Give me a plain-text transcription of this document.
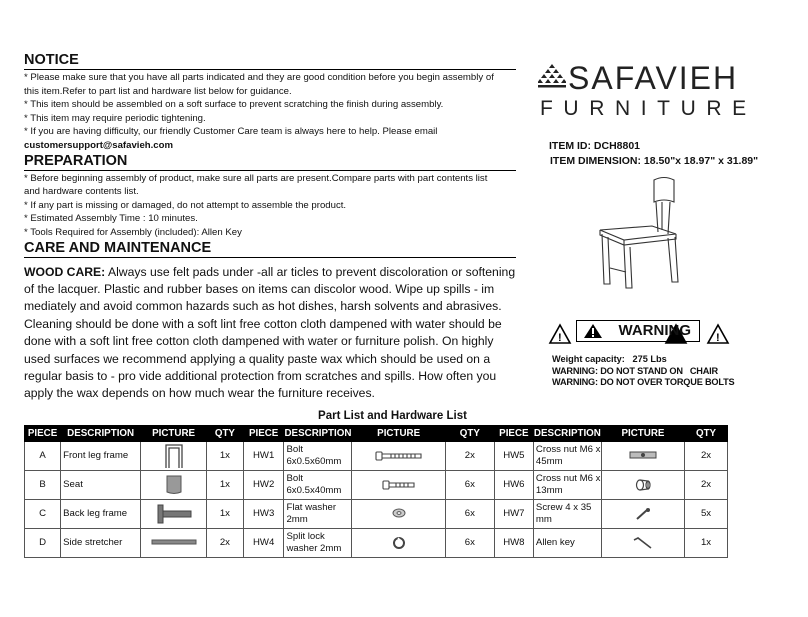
NOTICE
* Please make sure that you have all parts indicated and they are good condition before you begin assembly of
this item.Refer to part list and hardware list below for guidance.
* This item should be assembled on a soft surface to prevent scratching the finish during assembly.
* This item may require periodic tightening.
* If you are having difficulty, our friendly Customer Care team is always here to help. Please email
customersupport@safavieh.com
PREPARATION
* Before beginning assembly of product, make sure all parts are present.Compare parts with part contents list
and hardware contents list.
* If any part is missing or damaged, do not attempt to assemble the product.
* Estimated Assembly Time : 10 minutes.
* Tools Required for Assembly (included): Allen Key
CARE AND MAINTENANCE
WOOD CARE: Always use felt pads under -all ar ticles to prevent discoloration or softening of the lacquer. Plastic and rubber bases on items can discolor wood. Wipe up spills - im mediately and avoid common hazards such as hot dishes, harsh solvents and abrasives. Cleaning should be done with a soft lint free cotton cloth dampened with water should be done with a soft lint free cotton cloth dampened with water or furniture polish. On highly used surfaces we recommend applying a quality paste wax which should be used on a regular basis to - pro vide additional protection from scratches and spills. How often you apply the wax depends on how much wear the furniture receives.
SAFAVIEH
FURNITURE
ITEM ID: DCH8801
ITEM DIMENSION: 18.50"x 18.97" x 31.89"
!	!
WARNING
Weight capacity: 275 Lbs
WARNING: DO NOT STAND ON CHAIR
WARNING: DO NOT OVER TORQUE BOLTS
Part List and Hardware List
PIECE	DESCRIPTION	PICTURE	QTY	PIECE	DESCRIPTION	PICTURE	QTY	PIECE	DESCRIPTION	PICTURE	QTY
A	Front leg frame		1x	HW1	Bolt 6x0.5x60mm		2x	HW5	Cross nut M6 x 45mm		2x
B	Seat		1x	HW2	Bolt 6x0.5x40mm		6x	HW6	Cross nut M6 x 13mm		2x
C	Back leg frame		1x	HW3	Flat washer 2mm		6x	HW7	Screw 4 x 35 mm		5x
D	Side stretcher		2x	HW4	Split lock washer 2mm		6x	HW8	Allen key		1x
